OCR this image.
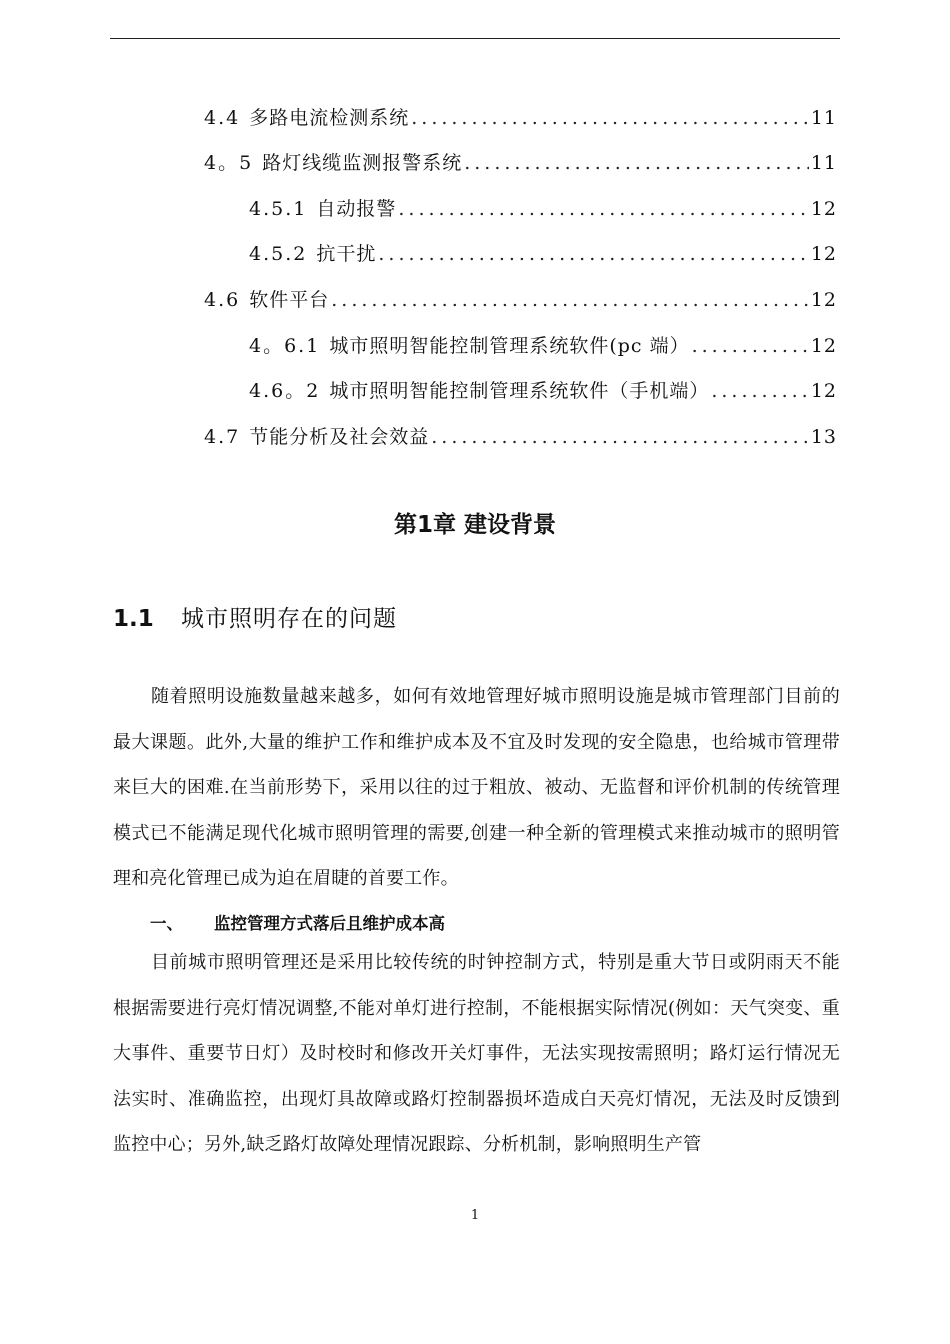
4.4 多路电流检测系统 .....	11
4。5 路灯线缆监测报警系统 .....	11
4.5.1 自动报警 .....	12
4.5.2 抗干扰 .....	12
4.6 软件平台 .....	12
4。6.1 城市照明智能控制管理系统软件(pc 端） .....	12
4.6。2 城市照明智能控制管理系统软件（手机端） .....	12
4.7 节能分析及社会效益 .....	13
第1章 建设背景
1.1 城市照明存在的问题
随着照明设施数量越来越多，如何有效地管理好城市照明设施是城市管理部门目前的最大课题。此外,大量的维护工作和维护成本及不宜及时发现的安全隐患，也给城市管理带来巨大的困难.在当前形势下，采用以往的过于粗放、被动、无监督和评价机制的传统管理模式已不能满足现代化城市照明管理的需要,创建一种全新的管理模式来推动城市的照明管理和亮化管理已成为迫在眉睫的首要工作。
一、 监控管理方式落后且维护成本高
目前城市照明管理还是采用比较传统的时钟控制方式，特别是重大节日或阴雨天不能根据需要进行亮灯情况调整,不能对单灯进行控制，不能根据实际情况(例如：天气突变、重大事件、重要节日灯）及时校时和修改开关灯事件，无法实现按需照明；路灯运行情况无法实时、准确监控，出现灯具故障或路灯控制器损坏造成白天亮灯情况，无法及时反馈到监控中心；另外,缺乏路灯故障处理情况跟踪、分析机制，影响照明生产管
1
